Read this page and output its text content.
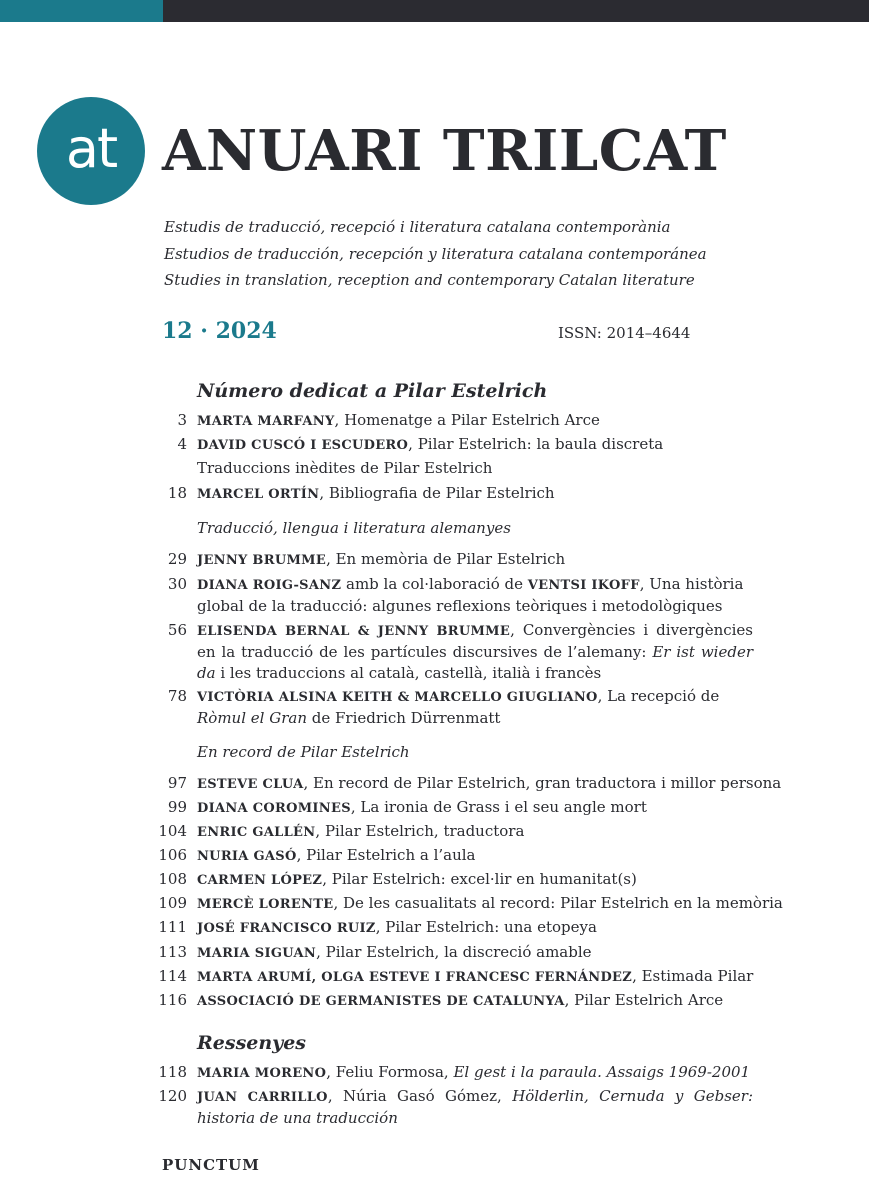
at ANUARI TRILCAT
Estudis de traducció, recepció i literatura catalana contemporània
Estudios de traducción, recepción y literatura catalana contemporánea
Studies in translation, reception and contemporary Catalan literature
12 · 2024	ISSN: 2014–4644
Número dedicat a Pilar Estelrich
3 MARTA MARFANY, Homenatge a Pilar Estelrich Arce
4 DAVID CUSCÓ I ESCUDERO, Pilar Estelrich: la baula discreta
Traduccions inèdites de Pilar Estelrich
18 MARCEL ORTÍN, Bibliografia de Pilar Estelrich
Traducció, llengua i literatura alemanyes
29 JENNY BRUMME, En memòria de Pilar Estelrich
30 DIANA ROIG-SANZ amb la col·laboració de VENTSI IKOFF, Una història global de la traducció: algunes reflexions teòriques i metodològiques
56 ELISENDA BERNAL & JENNY BRUMME, Convergències i divergències en la traducció de les partícules discursives de l’alemany: Er ist wieder da i les traduccions al català, castellà, italià i francès
78 VICTÒRIA ALSINA KEITH & MARCELLO GIUGLIANO, La recepció de Ròmul el Gran de Friedrich Dürrenmatt
En record de Pilar Estelrich
97 ESTEVE CLUA, En record de Pilar Estelrich, gran traductora i millor persona
99 DIANA COROMINES, La ironia de Grass i el seu angle mort
104 ENRIC GALLÉN, Pilar Estelrich, traductora
106 NURIA GASÓ, Pilar Estelrich a l’aula
108 CARMEN LÓPEZ, Pilar Estelrich: excel·lir en humanitat(s)
109 MERCÈ LORENTE, De les casualitats al record: Pilar Estelrich en la memòria
111 JOSÉ FRANCISCO RUIZ, Pilar Estelrich: una etopeya
113 MARIA SIGUAN, Pilar Estelrich, la discreció amable
114 MARTA ARUMÍ, OLGA ESTEVE I FRANCESC FERNÁNDEZ, Estimada Pilar
116 ASSOCIACIÓ DE GERMANISTES DE CATALUNYA, Pilar Estelrich Arce
Ressenyes
118 MARIA MORENO, Feliu Formosa, El gest i la paraula. Assaigs 1969-2001
120 JUAN CARRILLO, Núria Gasó Gómez, Hölderlin, Cernuda y Gebser: historia de una traducción
PUNCTUM
